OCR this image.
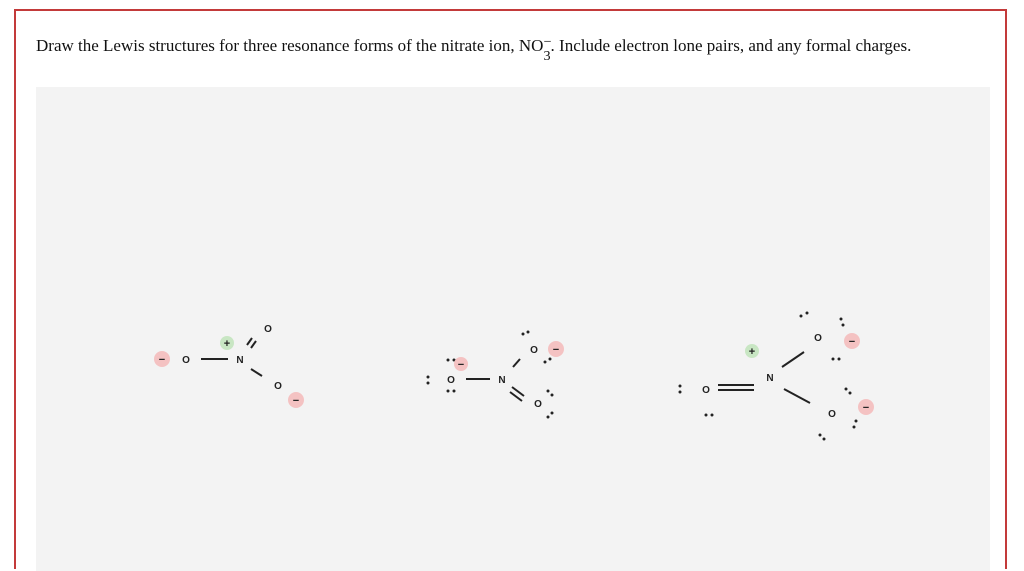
Draw the Lewis structures for three resonance forms of the nitrate ion, $NO_3$
− . Include electron lone pairs, and any formal charges.

− O
+
N
O
O
−
−
O	N
O −
O
O
+
N
O −
O
−
